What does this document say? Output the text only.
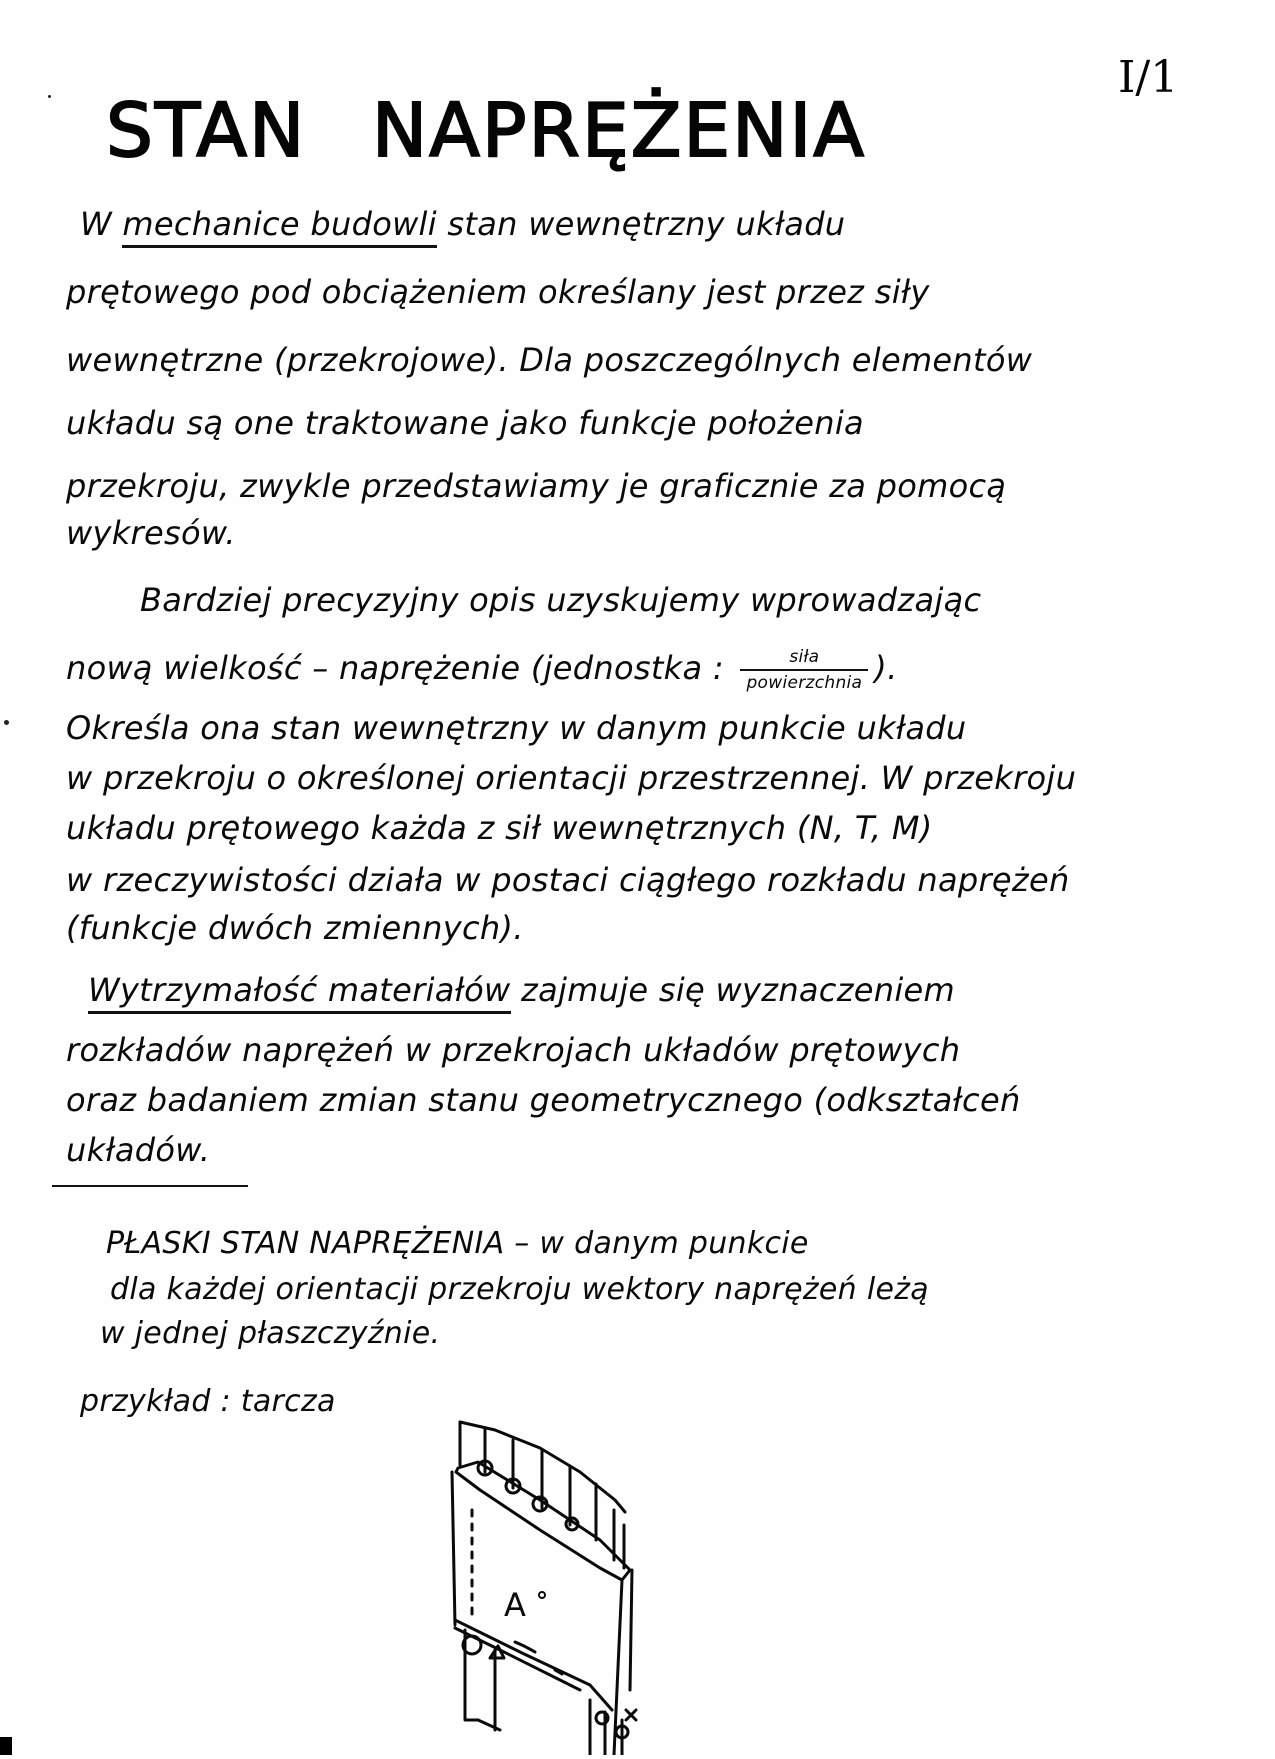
STAN NAPRĘŻENIA
I/1
W mechanice budowli stan wewnętrzny układu
prętowego pod obciążeniem określany jest przez siły
wewnętrzne (przekrojowe). Dla poszczególnych elementów
układu są one traktowane jako funkcje położenia
przekroju, zwykle przedstawiamy je graficznie za pomocą
wykresów.
Bardziej precyzyjny opis uzyskujemy wprowadzając
nową wielkość – naprężenie (jednostka : $\frac{\text{siła}}{\text{powierzchnia}}$ ).
Określa ona stan wewnętrzny w danym punkcie układu
w przekroju o określonej orientacji przestrzennej. W przekroju
układu prętowego każda z sił wewnętrznych (N, T, M)
w rzeczywistości działa w postaci ciągłego rozkładu naprężeń
(funkcje dwóch zmiennych).
Wytrzymałość materiałów zajmuje się wyznaczeniem
rozkładów naprężeń w przekrojach układów prętowych
oraz badaniem zmian stanu geometrycznego (odkształceń
układów.
PŁASKI STAN NAPRĘŻENIA – w danym punkcie
dla każdej orientacji przekroju wektory naprężeń leżą
w jednej płaszczyźnie.
przykład : tarcza
A
